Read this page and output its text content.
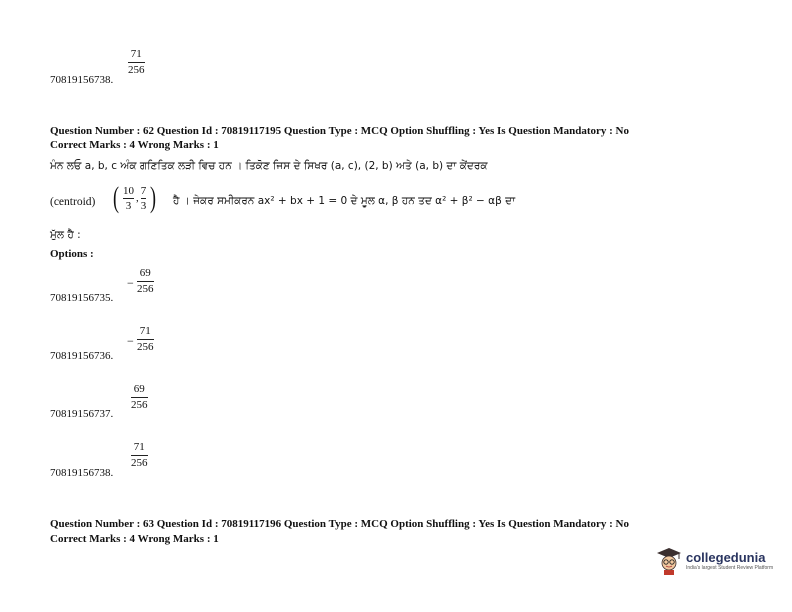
71
256
70819156738.
Question Number : 62 Question Id : 70819117195 Question Type : MCQ Option Shuffling : Yes Is Question Mandatory : No
Correct Marks : 4 Wrong Marks : 1
ਮੰਨ ਲਓ a, b, c ਅੰਕ ਗਣਿਤਿਕ ਲੜੀ ਵਿਚ ਹਨ । ਤਿਕੋਣ ਜਿਸ ਦੇ ਸਿਖਰ (a, c), (2, b) ਅਤੇ (a, b) ਦਾ ਕੇਂਦਰਕ
(centroid) ( 10
3
,
7
3 ) ਹੈ । ਜੇਕਰ ਸਮੀਕਰਨ ax² + bx + 1 = 0 ਦੇ ਮੂਲ α, β ਹਨ ਤਦ α² + β² − αβ ਦਾ
ਮੁੱਲ ਹੈ :
Options :
−
69
256
70819156735.
−
71
256
70819156736.
69
256
70819156737.
71
256
70819156738.
Question Number : 63 Question Id : 70819117196 Question Type : MCQ Option Shuffling : Yes Is Question Mandatory : No
Correct Marks : 4 Wrong Marks : 1
collegedunia
India's largest Student Review Platform
